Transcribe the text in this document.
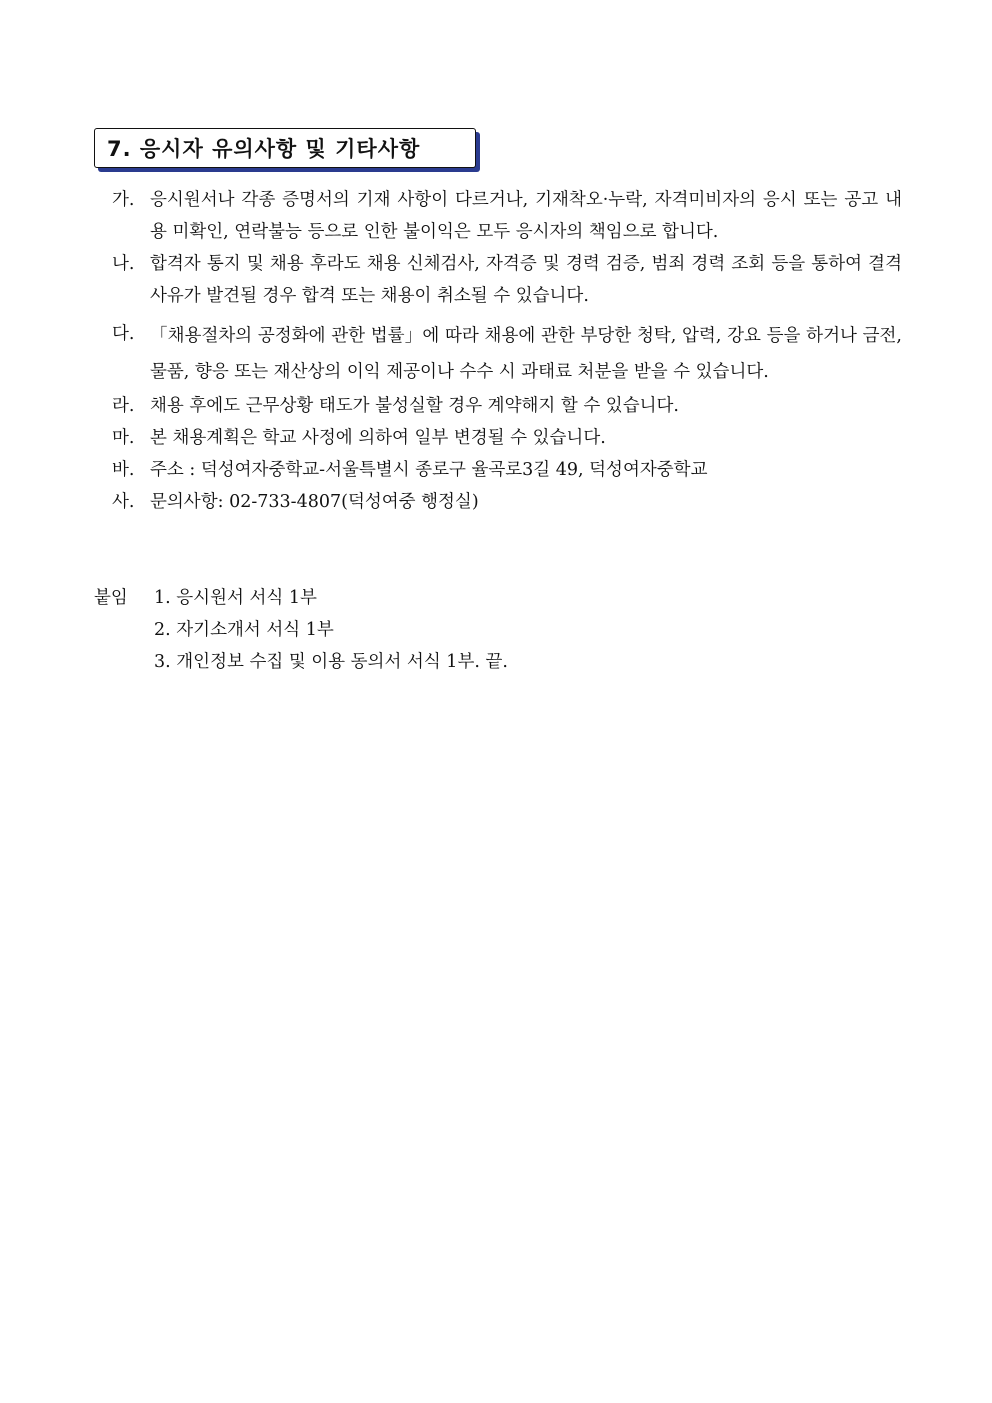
7. 응시자 유의사항 및 기타사항
가. 응시원서나 각종 증명서의 기재 사항이 다르거나, 기재착오·누락, 자격미비자의 응시 또는 공고 내용 미확인, 연락불능 등으로 인한 불이익은 모두 응시자의 책임으로 합니다.
나. 합격자 통지 및 채용 후라도 채용 신체검사, 자격증 및 경력 검증, 범죄 경력 조회 등을 통하여 결격 사유가 발견될 경우 합격 또는 채용이 취소될 수 있습니다.
다. 「채용절차의 공정화에 관한 법률」에 따라 채용에 관한 부당한 청탁, 압력, 강요 등을 하거나 금전, 물품, 향응 또는 재산상의 이익 제공이나 수수 시 과태료 처분을 받을 수 있습니다.
라. 채용 후에도 근무상황 태도가 불성실할 경우 계약해지 할 수 있습니다.
마. 본 채용계획은 학교 사정에 의하여 일부 변경될 수 있습니다.
바. 주소 : 덕성여자중학교-서울특별시 종로구 율곡로3길 49, 덕성여자중학교
사. 문의사항: 02-733-4807(덕성여중 행정실)
붙임	1. 응시원서 서식 1부
2. 자기소개서 서식 1부
3. 개인정보 수집 및 이용 동의서 서식 1부. 끝.
